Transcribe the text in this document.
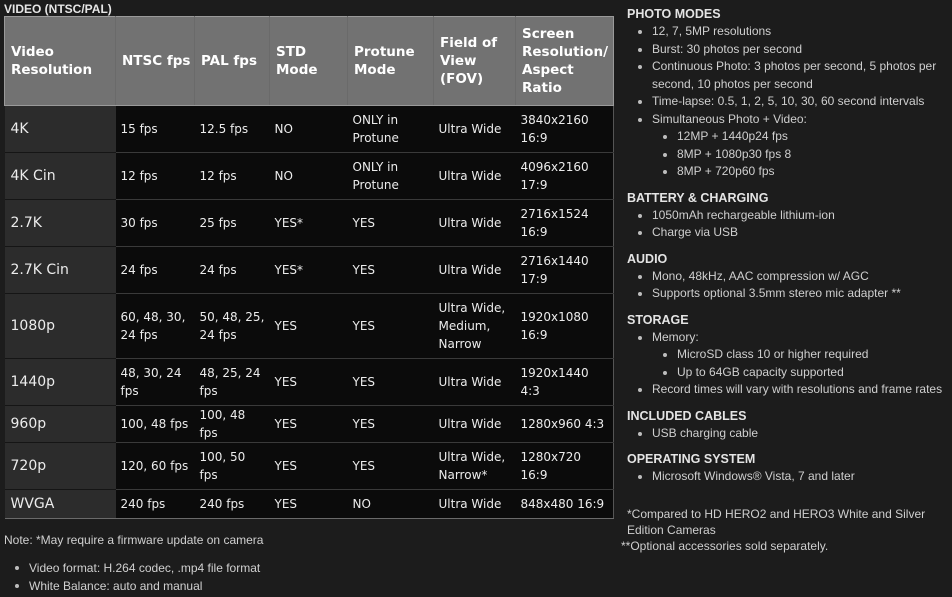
VIDEO (NTSC/PAL)
Video Resolution	NTSC fps	PAL fps	STD Mode	Protune Mode	Field of View (FOV)	Screen Resolution/ Aspect Ratio
4K	15 fps	12.5 fps	NO	ONLY in Protune	Ultra Wide	3840x2160 16:9
4K Cin	12 fps	12 fps	NO	ONLY in Protune	Ultra Wide	4096x2160 17:9
2.7K	30 fps	25 fps	YES*	YES	Ultra Wide	2716x1524 16:9
2.7K Cin	24 fps	24 fps	YES*	YES	Ultra Wide	2716x1440 17:9
1080p	60, 48, 30, 24 fps	50, 48, 25, 24 fps	YES	YES	Ultra Wide, Medium, Narrow	1920x1080 16:9
1440p	48, 30, 24 fps	48, 25, 24 fps	YES	YES	Ultra Wide	1920x1440 4:3
960p	100, 48 fps	100, 48 fps	YES	YES	Ultra Wide	1280x960 4:3
720p	120, 60 fps	100, 50 fps	YES	YES	Ultra Wide, Narrow*	1280x720 16:9
WVGA	240 fps	240 fps	YES	NO	Ultra Wide	848x480 16:9
Note: *May require a firmware update on camera
Video format: H.264 codec, .mp4 file format
White Balance: auto and manual
PHOTO MODES
12, 7, 5MP resolutions
Burst: 30 photos per second
Continuous Photo: 3 photos per second, 5 photos per second, 10 photos per second
Time-lapse: 0.5, 1, 2, 5, 10, 30, 60 second intervals
Simultaneous Photo + Video:
12MP + 1440p24 fps
8MP + 1080p30 fps 8
8MP + 720p60 fps
BATTERY & CHARGING
1050mAh rechargeable lithium-ion
Charge via USB
AUDIO
Mono, 48kHz, AAC compression w/ AGC
Supports optional 3.5mm stereo mic adapter **
STORAGE
Memory:
MicroSD class 10 or higher required
Up to 64GB capacity supported
Record times will vary with resolutions and frame rates
INCLUDED CABLES
USB charging cable
OPERATING SYSTEM
Microsoft Windows® Vista, 7 and later
*Compared to HD HERO2 and HERO3 White and Silver Edition Cameras
**Optional accessories sold separately.
